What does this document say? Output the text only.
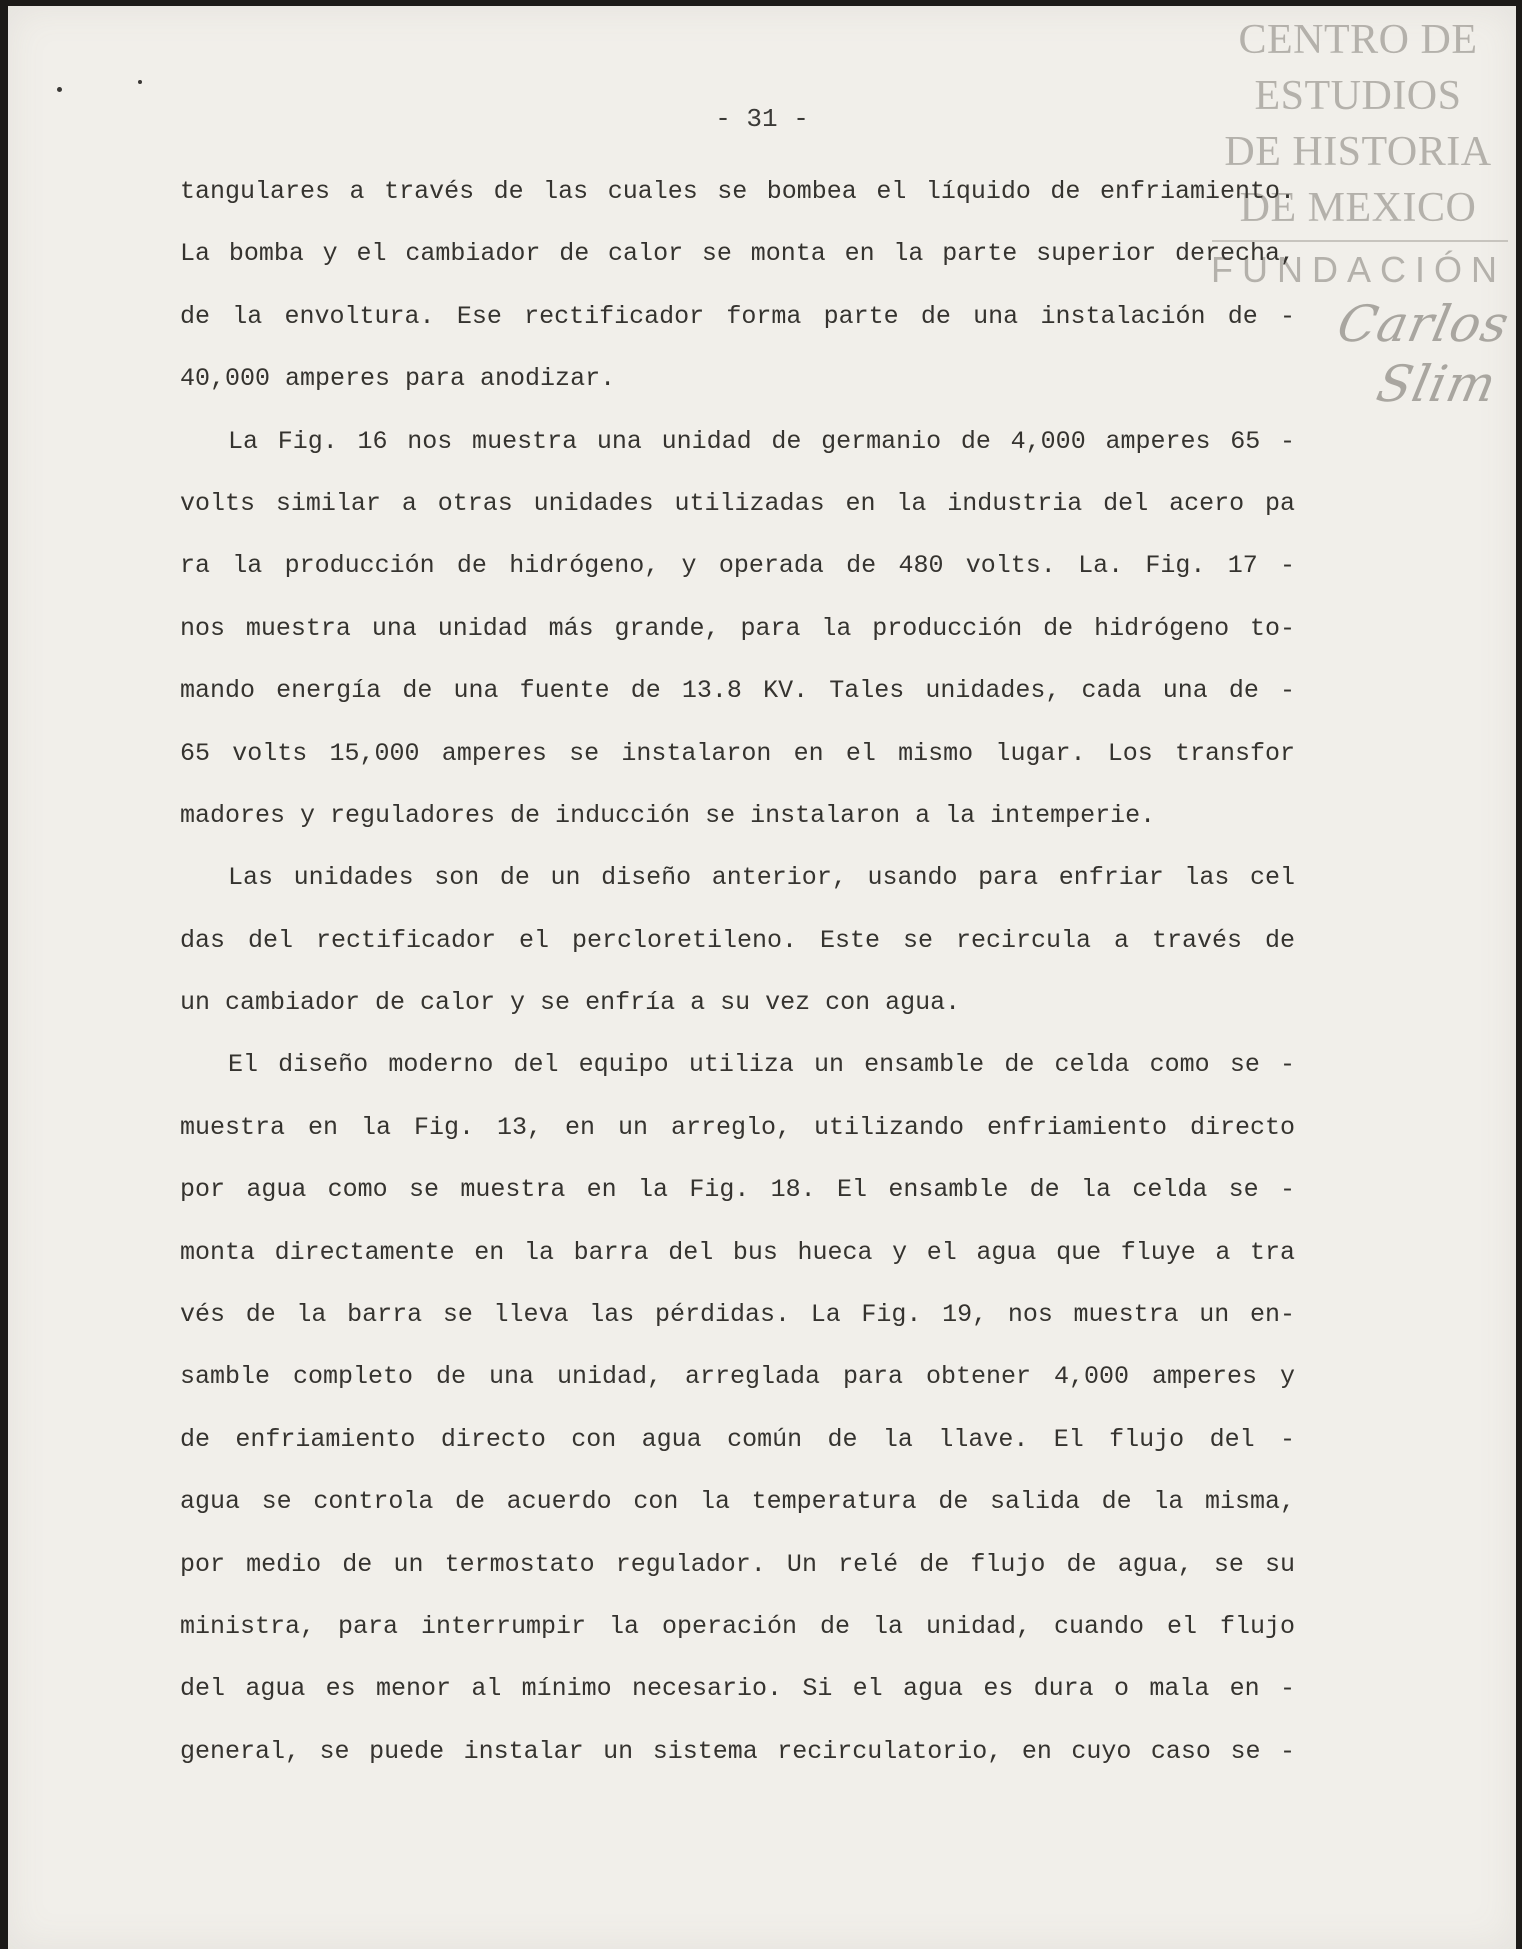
CENTRO DE
ESTUDIOS
DE HISTORIA
DE MEXICO
FUNDACIÓN
Carlos Slim
- 31 -
tangulares a través de las cuales se bombea el líquido de enfriamiento.
La bomba y el cambiador de calor se monta en la parte superior derecha,
de la envoltura. Ese rectificador forma parte de una instalación de -
40,000 amperes para anodizar.
La Fig. 16 nos muestra una unidad de germanio de 4,000 amperes 65 -
volts similar a otras unidades utilizadas en la industria del acero pa
ra la producción de hidrógeno, y operada de 480 volts. La. Fig. 17 -
nos muestra una unidad más grande, para la producción de hidrógeno to-
mando energía de una fuente de 13.8 KV. Tales unidades, cada una de -
65 volts 15,000 amperes se instalaron en el mismo lugar. Los transfor
madores y reguladores de inducción se instalaron a la intemperie.
Las unidades son de un diseño anterior, usando para enfriar las cel
das del rectificador el percloretileno. Este se recircula a través de
un cambiador de calor y se enfría a su vez con agua.
El diseño moderno del equipo utiliza un ensamble de celda como se -
muestra en la Fig. 13, en un arreglo, utilizando enfriamiento directo
por agua como se muestra en la Fig. 18. El ensamble de la celda se -
monta directamente en la barra del bus hueca y el agua que fluye a tra
vés de la barra se lleva las pérdidas. La Fig. 19, nos muestra un en-
samble completo de una unidad, arreglada para obtener 4,000 amperes y
de enfriamiento directo con agua común de la llave. El flujo del -
agua se controla de acuerdo con la temperatura de salida de la misma,
por medio de un termostato regulador. Un relé de flujo de agua, se su
ministra, para interrumpir la operación de la unidad, cuando el flujo
del agua es menor al mínimo necesario. Si el agua es dura o mala en -
general, se puede instalar un sistema recirculatorio, en cuyo caso se -
